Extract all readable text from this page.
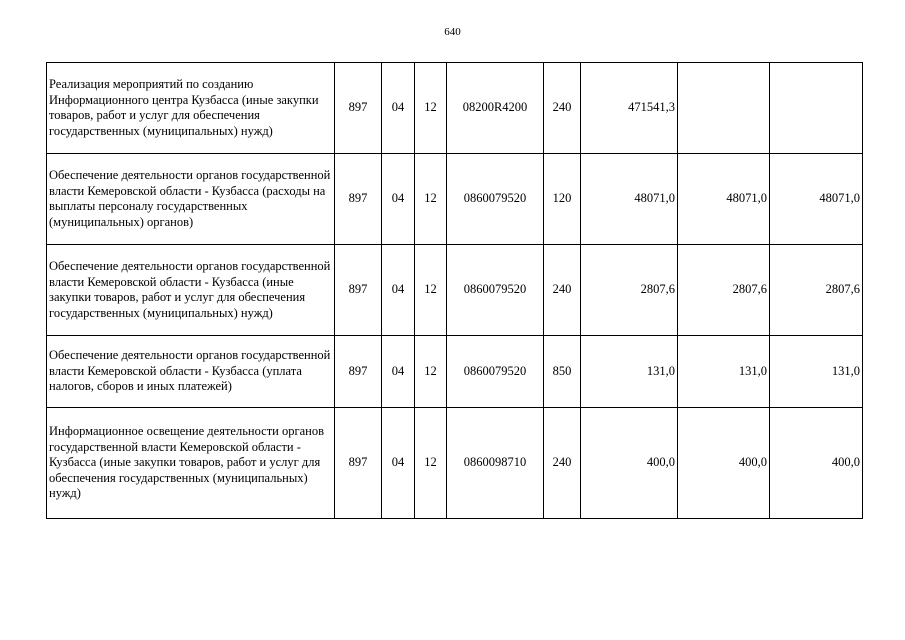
640
Реализация мероприятий по созданию Информационного центра Кузбасса (иные закупки товаров, работ и услуг для обеспечения государственных (муниципальных) нужд)	897	04	12	08200R4200	240	471541,3		
Обеспечение деятельности органов государственной власти Кемеровской области - Кузбасса (расходы на выплаты персоналу государственных (муниципальных) органов)	897	04	12	0860079520	120	48071,0	48071,0	48071,0
Обеспечение деятельности органов государственной власти Кемеровской области - Кузбасса (иные закупки товаров, работ и услуг для обеспечения государственных (муниципальных) нужд)	897	04	12	0860079520	240	2807,6	2807,6	2807,6
Обеспечение деятельности органов государственной власти Кемеровской области - Кузбасса (уплата налогов, сборов и иных платежей)	897	04	12	0860079520	850	131,0	131,0	131,0
Информационное освещение деятельности органов государственной власти Кемеровской области - Кузбасса (иные закупки товаров, работ и услуг для обеспечения государственных (муниципальных) нужд)	897	04	12	0860098710	240	400,0	400,0	400,0
